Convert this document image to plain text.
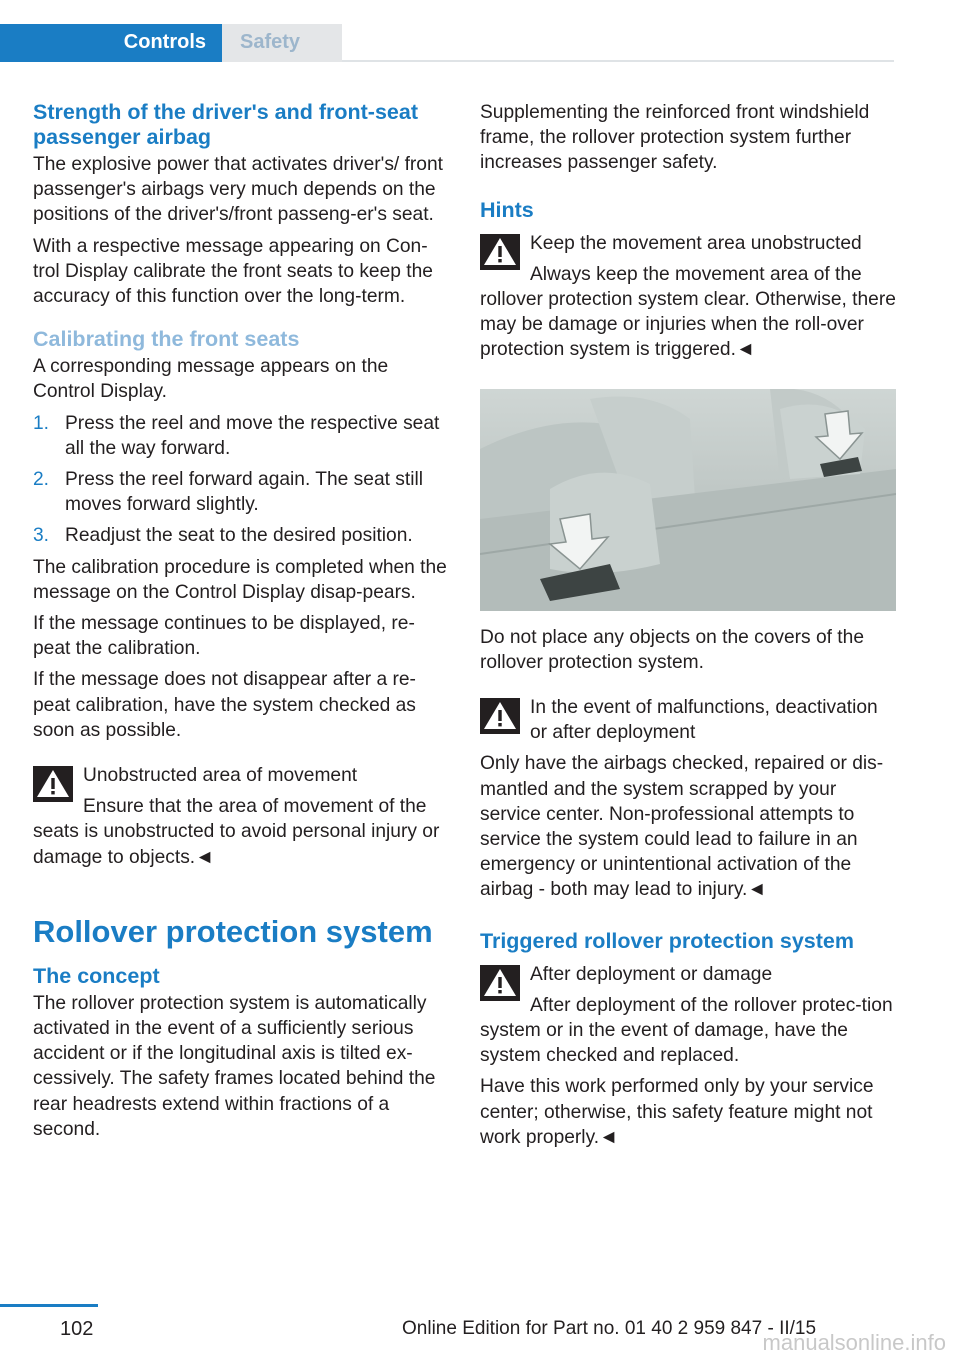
Controls Safety
Strength of the driver's and front-seat passenger airbag

The explosive power that activates driver's/ front passenger's airbags very much depends on the positions of the driver's/front passeng-er's seat.

With a respective message appearing on Con-trol Display calibrate the front seats to keep the accuracy of this function over the long-term.

Calibrating the front seats

A corresponding message appears on the Control Display.

1. Press the reel and move the respective seat all the way forward.
2. Press the reel forward again. The seat still moves forward slightly.
3. Readjust the seat to the desired position.

The calibration procedure is completed when the message on the Control Display disap-pears.

If the message continues to be displayed, re-peat the calibration.

If the message does not disappear after a re-peat calibration, have the system checked as soon as possible.

Unobstructed area of movement
Ensure that the area of movement of the seats is unobstructed to avoid personal injury or damage to objects.◄
Rollover protection system
The concept

The rollover protection system is automatically activated in the event of a sufficiently serious accident or if the longitudinal axis is tilted ex-cessively. The safety frames located behind the rear headrests extend within fractions of a second.

Supplementing the reinforced front windshield frame, the rollover protection system further increases passenger safety.

Hints
Keep the movement area unobstructed
Always keep the movement area of the rollover protection system clear. Otherwise, there may be damage or injuries when the roll-over protection system is triggered.◄

Do not place any objects on the covers of the rollover protection system.

In the event of malfunctions, deactivation or after deployment
Only have the airbags checked, repaired or dis-mantled and the system scrapped by your service center. Non-professional attempts to service the system could lead to failure in an emergency or unintentional activation of the airbag - both may lead to injury.◄
Triggered rollover protection system
After deployment or damage
After deployment of the rollover protec-tion system or in the event of damage, have the system checked and replaced.

Have this work performed only by your service center; otherwise, this safety feature might not work properly.◄

102	Online Edition for Part no. 01 40 2 959 847 - II/15
manualsonline.info
